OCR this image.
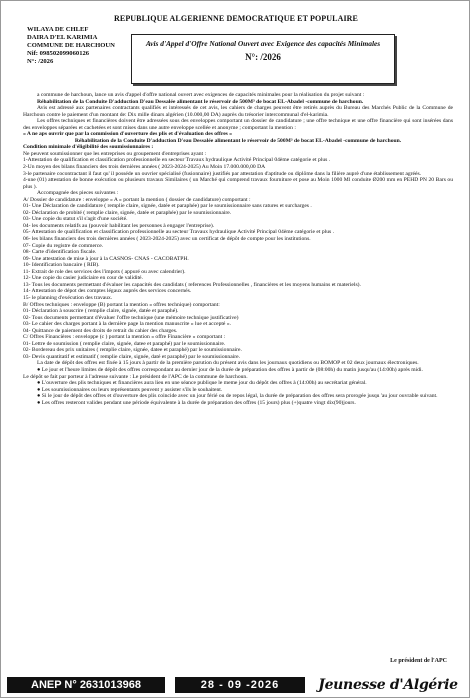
REPUBLIQUE ALGERIENNE DEMOCRATIQUE ET POPULAIRE
WILAYA DE CHLEF
DAIRA D'EL KARIMIA
COMMUNE DE HARCHOUN
Nif: 098502099060126
N°: /2026
Avis d'Appel d'Offre National Ouvert avec Exigence des capacités Minimales
N°: /2026

a commune de harchoun, lance un avis d'appel d'offre national ouvert avec exigences de capacités minimales pour la réalisation du projet suivant :

Réhabilitation de la Conduite D'adduction D'eau Dessalée alimentant le réservoir de 500M³ de bocat EL-Abadel -commune de harchoun.

Avis est adressé aux partenaires contractants qualifiés et intéressés de cet avis, les cahiers de charges peuvent être retirés auprès du Bureau des Marchés Public de la Commune de Harchoun contre le paiement d'un montant de: Dix mille dinars algérien (10.000,00 DA) auprès du trésorier intercommunal d'el-karimia.

Les offres techniques et financières doivent être adressées sous des enveloppes comportant un dossier de candidature ; une offre technique et une offre financière qui sont insérées dans des enveloppes séparées et cachetées et sont mises dans une autre enveloppe scellée et anonyme ; comportant la mention :

« A ne aps ouvrir que par la commission d'ouverture des plis et d'évaluation des offres »

Réhabilitation de la Conduite D'adduction D'eau Dessalée alimentant le réservoir de 500M³ de bocat EL-Abadel -commune de harchoun.

Condition minimale d'éligibilité des soumissionnaires :

Ne peuvent soumissionner que les entreprises ou groupement d'entreprises ayant :

1-Attestation de qualification et classification professionnelle en secteur Travaux hydraulique Activité Principal 04ème catégorie et plus .

2-Un moyen des bilans financiers des trois dernières années ( 2023-2024-2025) Au Moin 17.000.000,00 DA

3-le partenaire cocontractant il faut qu' il posséde un ouvrier spécialisé (fusionnaire) justifiés par attestation d'aptitude ou diplôme dans la filière auprè d'une établissement agréés.

4-une (01) attestation de bonne exécution ou plusieurs travaux Similaires ( un Marché qui comprend travaux fourniture et pose au Moin 1000 Ml conduite Ø200 mm en PEHD PN 20 Bars ou plus ).

Accompagnée des pieces suivantes :

A/ Dossier de candidature : enveloppe « A » portant la mention ( dossier de candidature) comportant :

01- Une Déclaration de candidature ( remplie claire, signée, datée et paraphée) par le soumissionnaire sans ratures et surcharges .

02- Déclaration de probité ( remplie claire, signée, datée et paraphée) par le soumissionnaire.

03- Une copie du statut s'il s'agit d'une société.

04- les documents relatifs au (pouvoir habilitant les personnes à engager l'entreprise).

05- Attestation de qualification et classification professionnelle au secteur Travaux hydraulique Activité Principal 04ème catégorie et plus .

06- les bilans financiers des trois dernières années ( 2023-2024-2025) avec un certificat de dépôt de compte pour les institutions.

07- Copie du registre de commerce.

08- Carte d'identification fiscale.

09- Une attestation de mise à jour à la CASNOS- CNAS - CACOBATPH.

10- Identification bancaire ( RIB).

11- Extrait de role des services des l'impots ( appuré ou avec calendrier).

12- Une copie du casier judiciaire en cour de validité.

13- Tous les documents permettant d'évaluer les capacités des candidats ( references Professionnelles , financières et les moyens humains et materiels).

14- Attestation de dépot des comptes légaux auprés des services concernés.

15- le planning d'exécution des travaux.

B/ Offres techniques : enveloppe (B) portant la mention « offres technique) comportant:

01- Déclaration à souscrire ( remplie claire, signée, datée et paraphé).

02- Tous documents permettant d'évaluer l'offre technique (une mémoire technique justificative)

03- Le cahier des charges portant à la dernière page la mention manuscrite « lue et accepté ».

04- Quittance de paiement des droits de retrait du cahier des charges.

C/ Offres Financières : enveloppe (c ) portant la mention « offre Financière » comportant :

01- Lettre de soumission ( remplie claire, signée, datee et paraphé) par le soumissionnaire.

02- Bordereau des prix unitaires ( remplie claire, signée, datee et paraphé) par le soumissionnaire.

03- Devis quantitatif et estimatif ( remplie claire, signée, daté et paraphé) par le soumissionnaire.

La date de dépôt des offres est fixée à 15 jours à partir de la première parution du présent avis dans les journaux quotidiens ou BOMOP et 02 deux journaux électroniques.

● Le jour et l'heure limites de dépôt des offres correspondant au dernier jour de la durée de préparation des offres à partir de (08:00h) du matin jusqu'au (14:00h) après midi.

Le dépôt se fait par porteur à l'adresse suivante : Le président de l'APC de la commune de harchoun.

● L'ouverture des plis techniques et financières aura lieu en une séance publique le meme jour du dépôt des offres à (14:00h) au secrétariat général.

● Les soumissionnaires ou leurs représentants peuvent y assister s'ils le souhaitent.

● Si le jour de dépôt des offres et d'ouverture des plis coincide avec un jour férié ou de repos légal, la durée de préparation des offres sera prorogée jusqu 'au jour ouvrable suivant.

● Les offres resteront valides pendant une période équivalente à la durée de préparation des offres (15 jours) plus (+)quatre vingt dix(90)jours.

Le président de l'APC
ANEP N° 2631013968	28 - 09 -2026	Jeunesse d'Algérie
